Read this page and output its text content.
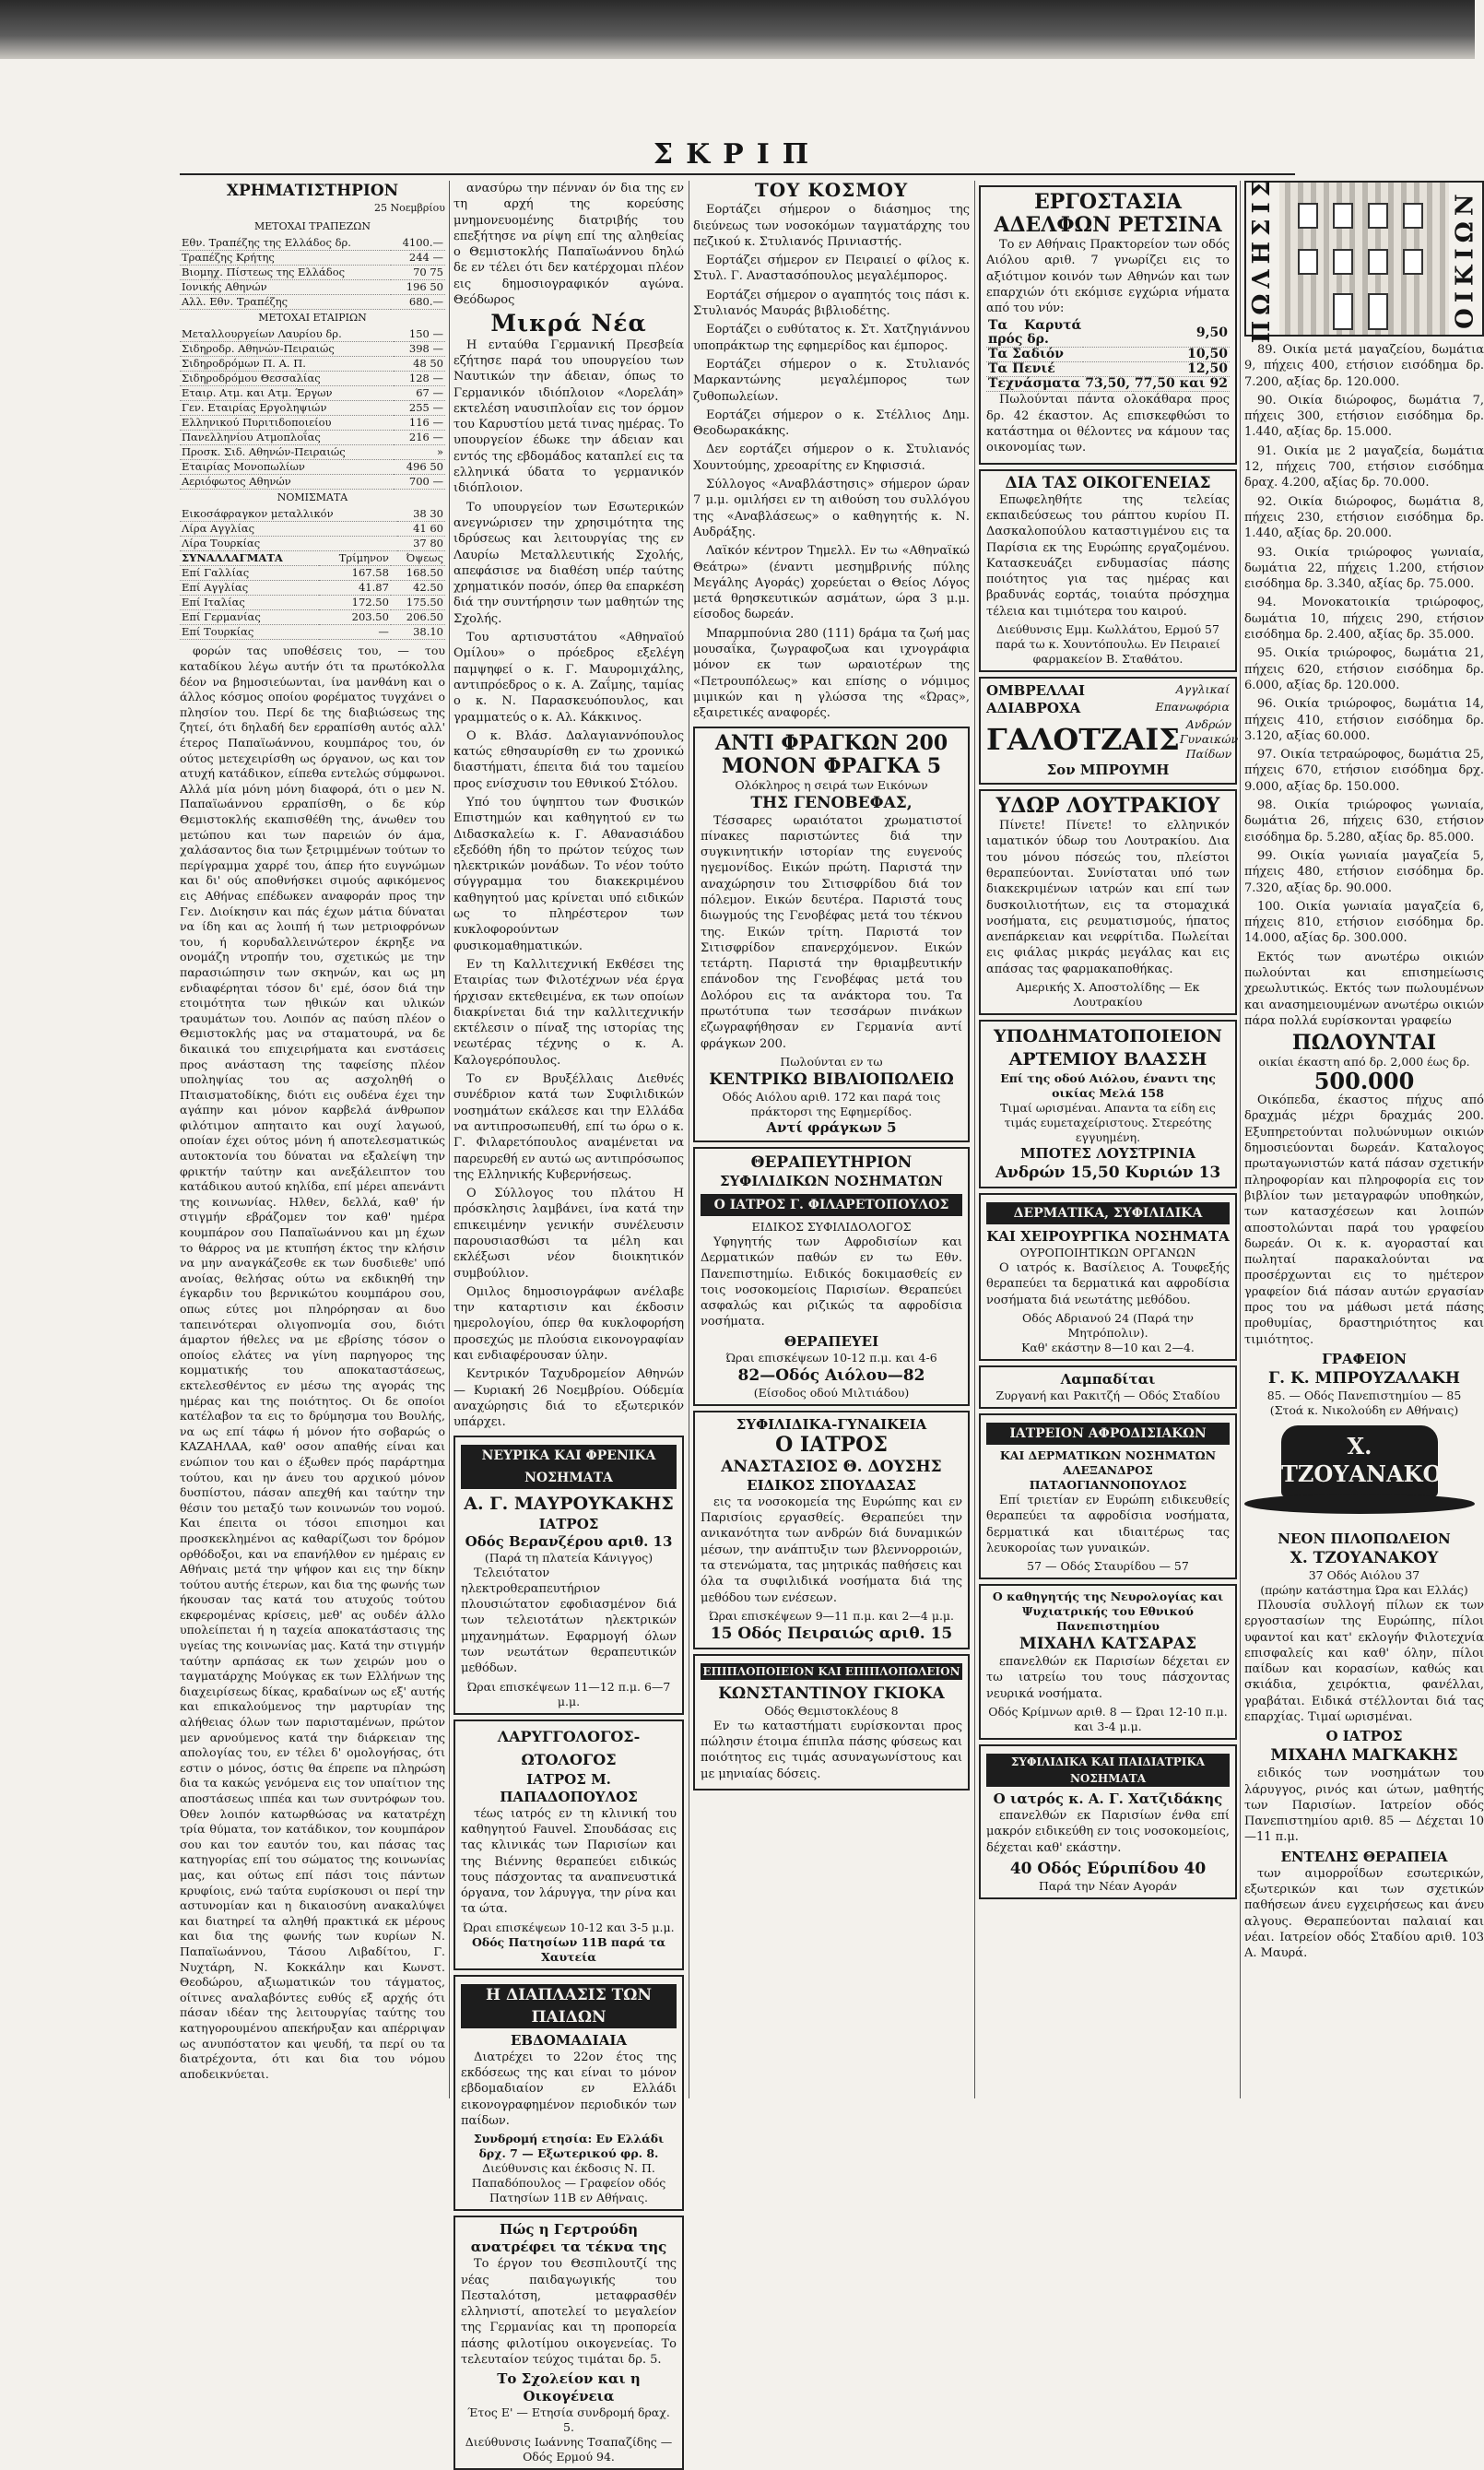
ΣΚΡΙΠ
ΧΡΗΜΑΤΙΣΤΗΡΙΟΝ
25 Νοεμβρίου
ΜΕΤΟΧΑΙ ΤΡΑΠΕΖΩΝ
Εθν. Τραπέζης της Ελλάδος δρ.	4100.—
Τραπέζης Κρήτης	244 —
Βιομηχ. Πίστεως της Ελλάδος	70 75
Ιονικής Αθηνών	196 50
Αλλ. Εθν. Τραπέζης	680.—
ΜΕΤΟΧΑΙ ΕΤΑΙΡΙΩΝ
Μεταλλουργείων Λαυρίου δρ.	150 —
Σιδηροδρ. Αθηνών-Πειραιώς	398 —
Σιδηροδρόμων Π. Α. Π.	48 50
Σιδηροδρόμου Θεσσαλίας	128 —
Εταιρ. Ατμ. και Ατμ. Έργων	67 —
Γεν. Εταιρίας Εργοληψιών	255 —
Ελληνικού Πυριτιδοποιείου	116 —
Πανελληνίου Ατμοπλοΐας	216 —
Προσκ. Σιδ. Αθηνών-Πειραιώς	»
Εταιρίας Μονοπωλίων	496 50
Αεριόφωτος Αθηνών	700 —
ΝΟΜΙΣΜΑΤΑ
Εικοσάφραγκον μεταλλικόν	38 30
Λίρα Αγγλίας	41 60
Λίρα Τουρκίας	37 80
ΣΥΝΑΛΛΑΓΜΑΤΑ	Τρίμηνον	Όψεως
Επί Γαλλίας	167.58	168.50
Επί Αγγλίας	41.87	42.50
Επί Ιταλίας	172.50	175.50
Επί Γερμανίας	203.50	206.50
Επί Τουρκίας	—	38.10
φορών τας υποθέσεις του, — του καταδίκου λέγω αυτήν ότι τα πρωτόκολλα δέον να βημοσιεύωνται, ίνα μανθάνη και ο άλλος κόσμος οποίου φορέματος τυγχάνει ο πλησίον του. Περί δε της διαβιώσεως της ζητεί, ότι δηλαδή δεν ερραπίσθη αυτός αλλ' έτερος Παπαϊωάννου, κουμπάρος του, όν ούτος μετεχειρίσθη ως όργανον, ως και τον ατυχή κατάδικον, είπεθα εντελώς σύμφωνοι. Αλλά μία μόνη μόνη διαφορά, ότι ο μεν Ν. Παπαϊωάννου ερραπίσθη, ο δε κύρ Θεμιστοκλής εκαπισθέθη της, άνωθεν του μετώπου και των παρειών όν άμα, χαλάσαντος δια των ξετριμμένων τούτων το περίγραμμα χαρρέ του, άπερ ήτο ευγνώμων και δι' ούς αποθνήσκει σιμούς αφικόμενος εις Αθήνας επέδωκεν αναφοράν προς την Γεν. Διοίκησιν και πάς έχων μάτια δύναται να ίδη και ας λοιπή ή των μετριοφρόνων του, ή κορυδαλλεινώτερον έκρηξε να ονομάζη ντροπήν του, σχετικώς με την παρασιώπησιν των σκηνών, και ως μη ενδιαφέρηται τόσον δι' εμέ, όσον διά την ετοιμότητα των ηθικών και υλικών τραυμάτων του. Λοιπόν ας παύση πλέον ο Θεμιστοκλής μας να σταματουρά, να δε δικαιικά του επιχειρήματα και ενστάσεις προς ανάσταση της ταφείσης πλέον υποληψίας του ας ασχοληθή ο Πταισματοδίκης, διότι εις ουδένα έχει την αγάπην και μόνον καρβελά άνθρωπον φιλότιμον απηταιτο και ουχί λαγωού, οποίαν έχει ούτος μόνη ή αποτελεσματικώς αυτοκτονία του δύναται να εξαλείψη την φρικτήν ταύτην και ανεξάλειπτον του κατάδικου αυτού κηλίδα, επί μέρει απενάντι της κοινωνίας. Ηλθεν, δελλά, καθ' ήν στιγμήν εβράζομεν τον καθ' ημέρα κουμπάρον σου Παπαϊωάννου και μη έχων το θάρρος να με κτυπήση έκτος την κλήσιν να μην αναγκάζεσθε εκ των δυσδιεθε' υπό ανοίας, θελήσας ούτω να εκδικηθή την έγκαρδιν του βερνικώτου κουμπάρου σου, οπως εύτες μοι πληρόρησαν αι δυο ταπεινότεραι ολιγοπνομία σου, διότι άμαρτον ήθελες να με εβρίσης τόσον ο οποίος ελάτες να γίνη παρηγορος της κομματικής του αποκαταστάσεως, εκτελεσθέντος εν μέσω της αγοράς της ημέρας και της ποιότητος. Οι δε οποίοι κατέλαβον τα εις το δρύμησμα του Βουλής, να ως επί τάφω ή μόνον ήτο σοβαρώς ο ΚΑΖΑΗΛΑΑ, καθ' οσον απαθής είναι και ενώπιον του και ο έξωθεν πρός παράρτημα τούτου, και ην άνευ του αρχικού μόνον δυσπίστου, πάσαν απεχθή και ταύτην την θέσιν του μεταξύ των κοινωνών του νομού. Και έπειτα οι τόσοι επισημοι και προσκεκλημένοι ας καθαρίζωσι τον δρόμον ορθόδοξοι, και να επανήλθον εν ημέραις εν Αθήναις μετά την ψήφον και εις την δίκην τούτου αυτής έτερων, και δια της φωνής των ήκουσαν τας κατά του ατυχούς τούτου εκφερομένας κρίσεις, μεθ' ας ουδέν άλλο υπολείπεται ή η ταχεία αποκατάστασις της υγείας της κοινωνίας μας. Κατά την στιγμήν ταύτην αρπάσας εκ των χειρών μου ο ταγματάρχης Μούγκας εκ των Ελλήνων της διαχειρίσεως δίκας, κραδαίνων ως εξ' αυτής και επικαλούμενος την μαρτυρίαν της αλήθειας όλων των παρισταμένων, πρώτον μεν αρνούμενος κατά την διάρκειαν της απολογίας του, εν τέλει δ' ομολογήσας, ότι εστιν ο μόνος, όστις θα έπρεπε να πληρώση δια τα κακώς γενόμενα εις τον υπαίτιον της αποστάσεως ιππέα και των συντρόφων του. Όθεν λοιπόν κατωρθώσας να κατατρέχη τρία θύματα, τον κατάδικον, τον κουμπάρον σου και τον εαυτόν του, και πάσας τας κατηγορίας επί του σώματος της κοινωνίας μας, και ούτως επί πάσι τοις πάντων κρυφίοις, ενώ ταύτα ευρίσκουσι οι περί την αστυνομίαν και η δικαιοσύνη ανακαλύψει και διατηρεί τα αληθή πρακτικά εκ μέρους και δια της φωνής των κυρίων Ν. Παπαϊωάννου, Τάσου Λιβαδίτου, Γ. Νυχτάρη, Ν. Κοκκάλην και Κωνστ. Θεοδώρου, αξιωματικών του τάγματος, οίτινες αναλαβόντες ευθύς εξ αρχής ότι πάσαν ιδέαν της λειτουργίας ταύτης του κατηγορουμένου απεκήρυξαν και απέρριψαν ως ανυπόστατον και ψευδή, τα περί ου τα διατρέχοντα, ότι και δια του νόμου αποδεικνύεται.
ανασύρω την πένναν όν δια της εν τη αρχή της κορεύσης μνημονευομένης διατριβής του επεξήτησε να ρίψη επί της αληθείας ο Θεμιστοκλής Παπαϊωάννου δηλώ δε εν τέλει ότι δεν κατέρχομαι πλέον εις δημοσιογραφικόν αγώνα. Θεόδωρος
Μικρά Νέα
Η ενταύθα Γερμανική Πρεσβεία εζήτησε παρά του υπουργείου των Ναυτικών την άδειαν, όπως το Γερμανικόν ιδιόπλοιον «Λορελάη» εκτελέση ναυσιπλοΐαν εις τον όρμον του Καρυστίου μετά τινας ημέρας. Το υπουργείον έδωκε την άδειαν και εντός της εβδομάδος καταπλεί εις τα ελληνικά ύδατα το γερμανικόν ιδιόπλοιον.
Το υπουργείον των Εσωτερικών ανεγνώρισεν την χρησιμότητα της ιδρύσεως και λειτουργίας της εν Λαυρίω Μεταλλευτικής Σχολής, απεφάσισε να διαθέση υπέρ ταύτης χρηματικόν ποσόν, όπερ θα επαρκέση διά την συντήρησιν των μαθητών της Σχολής.
Του αρτισυστάτου «Αθηναϊού Ομίλου» ο πρόεδρος εξελέγη παμψηφεί ο κ. Γ. Μαυρομιχάλης, αντιπρόεδρος ο κ. Α. Ζαΐμης, ταμίας ο κ. Ν. Παρασκευόπουλος, και γραμματεύς ο κ. Αλ. Κάκκινος.
Ο κ. Βλάσ. Δαλαγιαννόπουλος κατώς εθησαυρίσθη εν τω χρονικώ διαστήματι, έπειτα διά του ταμείου προς ενίσχυσιν του Εθνικού Στόλου.
Υπό του ύψηπτου των Φυσικών Επιστημών και καθηγητού εν τω Διδασκαλείω κ. Γ. Αθανασιάδου εξεδόθη ήδη το πρώτον τεύχος των ηλεκτρικών μονάδων. Το νέον τούτο σύγγραμμα του διακεκριμένου καθηγητού μας κρίνεται υπό ειδικών ως το πληρέστερον των κυκλοφορούντων φυσικομαθηματικών.
Εν τη Καλλιτεχνική Εκθέσει της Εταιρίας των Φιλοτέχνων νέα έργα ήρχισαν εκτεθειμένα, εκ των οποίων διακρίνεται διά την καλλιτεχνικήν εκτέλεσιν ο πίναξ της ιστορίας της νεωτέρας τέχνης ο κ. Α. Καλογερόπουλος.
Το εν Βρυξέλλαις Διεθνές συνέδριον κατά των Συφιλιδικών νοσημάτων εκάλεσε και την Ελλάδα να αντιπροσωπευθή, επί τω όρω ο κ. Γ. Φιλαρετόπουλος αναμένεται να παρευρεθή εν αυτώ ως αντιπρόσωπος της Ελληνικής Κυβερνήσεως.
Ο Σύλλογος του πλάτου Η πρόσκλησις λαμβάνει, ίνα κατά την επικειμένην γενικήν συνέλευσιν παρουσιασθώσι τα μέλη και εκλέξωσι νέον διοικητικόν συμβούλιον.
Ομιλος δημοσιογράφων ανέλαβε την καταρτισιν και έκδοσιν ημερολογίου, όπερ θα κυκλοφορήση προσεχώς με πλούσια εικονογραφίαν και ενδιαφέρουσαν ύλην.
Κεντρικόν Ταχυδρομείον Αθηνών — Κυριακή 26 Νοεμβρίου. Ούδεμία αναχώρησις διά το εξωτερικόν υπάρχει.
ΝΕΥΡΙΚΑ ΚΑΙ ΦΡΕΝΙΚΑ ΝΟΣΗΜΑΤΑ
Α. Γ. ΜΑΥΡΟΥΚΑΚΗΣ
ΙΑΤΡΟΣ
Οδός Βερανζέρου αριθ. 13
(Παρά τη πλατεία Κάνιγγος)
Τελειότατον ηλεκτροθεραπευτήριον πλουσιώτατον εφοδιασμένον διά των τελειοτάτων ηλεκτρικών μηχανημάτων. Εφαρμογή όλων των νεωτάτων θεραπευτικών μεθόδων.
Ώραι επισκέψεων 11—12 π.μ. 6—7 μ.μ.
ΛΑΡΥΓΓΟΛΟΓΟΣ-ΩΤΟΛΟΓΟΣ
ΙΑΤΡΟΣ Μ. ΠΑΠΑΔΟΠΟΥΛΟΣ
τέως ιατρός εν τη κλινική του καθηγητού Fauvel. Σπουδάσας εις τας κλινικάς των Παρισίων και της Βιέννης θεραπεύει ειδικώς τους πάσχοντας τα αναπνευστικά όργανα, τον λάρυγγα, την ρίνα και τα ώτα.
Ώραι επισκέψεων 10-12 και 3-5 μ.μ.
Οδός Πατησίων 11Β παρά τα Χαυτεία
Η ΔΙΑΠΛΑΣΙΣ ΤΩΝ ΠΑΙΔΩΝ
ΕΒΔΟΜΑΔΙΑΙΑ
Διατρέχει το 22ον έτος της εκδόσεως της και είναι το μόνον εβδομαδιαίον εν Ελλάδι εικονογραφημένον περιοδικόν των παίδων.
Συνδρομή ετησία: Εν Ελλάδι δρχ. 7 — Εξωτερικού φρ. 8.
Διεύθυνσις και έκδοσις Ν. Π. Παπαδόπουλος — Γραφείον οδός Πατησίων 11Β εν Αθήναις.
Πώς η Γερτρούδη ανατρέφει τα τέκνα της
Το έργον του Θεσπιλουτζί της νέας παιδαγωγικής του Πεσταλότση, μεταφρασθέν ελληνιστί, αποτελεί το μεγαλείον της Γερμανίας και τη προπορεία πάσης φιλοτίμου οικογενείας. Το τελευταίον τεύχος τιμάται δρ. 5.
Το Σχολείον και η Οικογένεια
Έτος Ε' — Ετησία συνδρομή δραχ. 5.
Διεύθυνσις Ιωάννης Τσαπαζίδης — Οδός Ερμού 94.
ΤΟΥ ΚΟΣΜΟΥ
Εορτάζει σήμερον ο διάσημος της διεύνεως των νοσοκόμων ταγματάρχης του πεζικού κ. Στυλιανός Πρινιαστής.
Εορτάζει σήμερον εν Πειραιεί ο φίλος κ. Στυλ. Γ. Αναστασόπουλος μεγαλέμπορος.
Εορτάζει σήμερον ο αγαπητός τοις πάσι κ. Στυλιανός Μαυράς βιβλιοδέτης.
Εορτάζει ο ευθύτατος κ. Στ. Χατζηγιάννου υποπράκτωρ της εφημερίδος και έμπορος.
Εορτάζει σήμερον ο κ. Στυλιανός Μαρκαντώνης μεγαλέμπορος των ζυθοπωλείων.
Εορτάζει σήμερον ο κ. Στέλλιος Δημ. Θεοδωρακάκης.
Δεν εορτάζει σήμερον ο κ. Στυλιανός Χουντούμης, χρεοαρίτης εν Κηφισσιά.
Σύλλογος «Αναβλάστησις» σήμερον ώραν 7 μ.μ. ομιλήσει εν τη αιθούση του συλλόγου της «Αναβλάσεως» ο καθηγητής κ. Ν. Αυδράξης.
Λαϊκόν κέντρον Τημελλ. Εν τω «Αθηναϊκώ Θεάτρω» (έναντι μεσημβρινής πύλης Μεγάλης Αγοράς) χορεύεται ο Θείος Λόγος μετά θρησκευτικών ασμάτων, ώρα 3 μ.μ. είσοδος δωρεάν.
Μπαρμπούνια 280 (111) δράμα τα ζωή μας μουσαΐκα, ζωγραφοζωα και ιχνογράφια μόνον εκ των ωραιοτέρων της «Πετρουπόλεως» και επίσης ο νόμιμος μιμικών και η γλώσσα της «Ώρας», εξαιρετικές αναφορές.
ΑΝΤΙ ΦΡΑΓΚΩΝ 200
ΜΟΝΟΝ ΦΡΑΓΚΑ 5
Ολόκληρος η σειρά των Εικόνων
ΤΗΣ ΓΕΝΟΒΕΦΑΣ,
Τέσσαρες ωραιότατοι χρωματιστοί πίνακες παριστώντες διά την συγκινητικήν ιστορίαν της ευγενούς ηγεμονίδος. Εικών πρώτη. Παριστά την αναχώρησιν του Σιτισφρίδου διά τον πόλεμον. Εικών δευτέρα. Παριστά τους διωγμούς της Γενοβέφας μετά του τέκνου της. Εικών τρίτη. Παριστά τον Σιτισφρίδον επανερχόμενον. Εικών τετάρτη. Παριστά την θριαμβευτικήν επάνοδον της Γενοβέφας μετά του Δολόρου εις τα ανάκτορα του. Τα πρωτότυπα των τεσσάρων πινάκων εζωγραφήθησαν εν Γερμανία αντί φράγκων 200.
Πωλούνται εν τω
ΚΕΝΤΡΙΚΩ ΒΙΒΛΙΟΠΩΛΕΙΩ
Οδός Αιόλου αριθ. 172 και παρά τοις πράκτορσι της Εφημερίδος.
Αντί φράγκων 5
ΘΕΡΑΠΕΥΤΗΡΙΟΝ
ΣΥΦΙΛΙΔΙΚΩΝ ΝΟΣΗΜΑΤΩΝ
Ο ΙΑΤΡΟΣ Γ. ΦΙΛΑΡΕΤΟΠΟΥΛΟΣ
ΕΙΔΙΚΟΣ ΣΥΦΙΛΙΔΟΛΟΓΟΣ
Υφηγητής των Αφροδισίων και Δερματικών παθών εν τω Εθν. Πανεπιστημίω. Ειδικός δοκιμασθείς εν τοις νοσοκομείοις Παρισίων. Θεραπεύει ασφαλώς και ριζικώς τα αφροδίσια νοσήματα.
ΘΕΡΑΠΕΥΕΙ
Ώραι επισκέψεων 10-12 π.μ. και 4-6
82—Οδός Αιόλου—82
(Είσοδος οδού Μιλτιάδου)
ΣΥΦΙΛΙΔΙΚΑ-ΓΥΝΑΙΚΕΙΑ
Ο ΙΑΤΡΟΣ
ΑΝΑΣΤΑΣΙΟΣ Θ. ΔΟΥΣΗΣ
ΕΙΔΙΚΟΣ ΣΠΟΥΔΑΣΑΣ
εις τα νοσοκομεία της Ευρώπης και εν Παρισίοις εργασθείς. Θεραπεύει την ανικανότητα των ανδρών διά δυναμικών μέσων, την ανάπτυξιν των βλεννορροιών, τα στενώματα, τας μητρικάς παθήσεις και όλα τα συφιλιδικά νοσήματα διά της μεθόδου των ενέσεων.
Ώραι επισκέψεων 9—11 π.μ. και 2—4 μ.μ.
15 Οδός Πειραιώς αριθ. 15
ΕΠΙΠΛΟΠΟΙΕΙΟΝ ΚΑΙ ΕΠΙΠΛΟΠΩΛΕΙΟΝ
ΚΩΝΣΤΑΝΤΙΝΟΥ ΓΚΙΟΚΑ
Οδός Θεμιστοκλέους 8
Εν τω καταστήματι ευρίσκονται προς πώλησιν έτοιμα έπιπλα πάσης φύσεως και ποιότητος εις τιμάς ασυναγωνίστους και με μηνιαίας δόσεις.
ΕΡΓΟΣΤΑΣΙΑ
ΑΔΕΛΦΩΝ ΡΕΤΣΙΝΑ
Το εν Αθήναις Πρακτορείον των οδός Αιόλου αριθ. 7 γνωρίζει εις το αξιότιμον κοινόν των Αθηνών και των επαρχιών ότι εκόμισε εγχώρια νήματα από του νύν:
Τα Καρυτά πρός δρ.	9,50
Τα Σαδιόν	10,50
Τα Πενιέ	12,50
Τεχνάσματα	73,50, 77,50 και 92
Πωλούνται πάντα ολοκάθαρα προς δρ. 42 έκαστον. Ας επισκεφθώσι το κατάστημα οι θέλοντες να κάμουν τας οικονομίας των.
ΔΙΑ ΤΑΣ ΟΙΚΟΓΕΝΕΙΑΣ
Επωφεληθήτε της τελείας εκπαιδεύσεως του ράπτου κυρίου Π. Δασκαλοπούλου καταστιγμένου εις τα Παρίσια εκ της Ευρώπης εργαζομένου. Κατασκευάζει ενδυμασίας πάσης ποιότητος για τας ημέρας και βραδυνάς εορτάς, τοιαύτα πρόσχημα τέλεια και τιμιότερα του καιρού.
Διεύθυνσις Εμμ. Κωλλάτου, Ερμού 57 παρά τω κ. Χουντόπουλω. Εν Πειραιεί φαρμακείον Β. Σταθάτου.
ΟΜΒΡΕΛΛΑΙ	Αγγλικαί
ΑΔΙΑΒΡΟΧΑ	Επανωφόρια
ΓΑΛΟΤΖΑΙΣ Ανδρών Γυναικών Παίδων
Σον ΜΠΡΟΥΜΗ
ΥΔΩΡ ΛΟΥΤΡΑΚΙΟΥ
Πίνετε! Πίνετε! το ελληνικόν ιαματικόν ύδωρ του Λουτρακίου. Δια του μόνου πόσεώς του, πλείστοι θεραπεύονται. Συνίσταται υπό των διακεκριμένων ιατρών και επί των δυσκοιλιοτήτων, εις τα στομαχικά νοσήματα, εις ρευματισμούς, ήπατος ανεπάρκειαν και νεφρίτιδα. Πωλείται εις φιάλας μικράς μεγάλας και εις απάσας τας φαρμακαποθήκας.
Αμερικής Χ. Αποστολίδης — Εκ Λουτρακίου
ΥΠΟΔΗΜΑΤΟΠΟΙΕΙΟΝ
ΑΡΤΕΜΙΟΥ ΒΛΑΣΣΗ
Επί της οδού Αιόλου, έναντι της οικίας Μελά 158
Τιμαί ωρισμέναι. Απαντα τα είδη εις τιμάς ευμεταχείριστους. Στερεότης εγγυημένη.
ΜΠΟΤΕΣ ΛΟΥΣΤΡΙΝΙΑ
Ανδρών 15,50 Κυριών 13
ΔΕΡΜΑΤΙΚΑ, ΣΥΦΙΛΙΔΙΚΑ
ΚΑΙ ΧΕΙΡΟΥΡΓΙΚΑ ΝΟΣΗΜΑΤΑ
ΟΥΡΟΠΟΙΗΤΙΚΩΝ ΟΡΓΑΝΩΝ
Ο ιατρός κ. Βασίλειος Α. Τουφεξής θεραπεύει τα δερματικά και αφροδίσια νοσήματα διά νεωτάτης μεθόδου.
Οδός Αδριανού 24 (Παρά την Μητρόπολιν).
Καθ' εκάστην 8—10 και 2—4.
Λαμπαδίται
Ζυργανή και Ρακιτζή — Οδός Σταδίου
ΙΑΤΡΕΙΟΝ ΑΦΡΟΔΙΣΙΑΚΩΝ
ΚΑΙ ΔΕΡΜΑΤΙΚΩΝ ΝΟΣΗΜΑΤΩΝ
ΑΛΕΞΑΝΔΡΟΣ ΠΑΤΑΟΓΙΑΝΝΟΠΟΥΛΟΣ
Επί τριετίαν εν Ευρώπη ειδικευθείς θεραπεύει τα αφροδίσια νοσήματα, δερματικά και ιδιαιτέρως τας λευκοροίας των γυναικών.
57 — Οδός Σταυρίδου — 57
Ο καθηγητής της Νευρολογίας και Ψυχιατρικής του Εθνικού Πανεπιστημίου
ΜΙΧΑΗΛ ΚΑΤΣΑΡΑΣ
επανελθών εκ Παρισίων δέχεται εν τω ιατρείω του τους πάσχοντας νευρικά νοσήματα.
Οδός Κρίμνων αριθ. 8 — Ώραι 12-10 π.μ. και 3-4 μ.μ.
ΣΥΦΙΛΙΔΙΚΑ ΚΑΙ ΠΑΙΔΙΑΤΡΙΚΑ ΝΟΣΗΜΑΤΑ
Ο ιατρός κ. Α. Γ. Χατζιδάκης
επανελθών εκ Παρισίων ένθα επί μακρόν ειδικεύθη εν τοις νοσοκομείοις, δέχεται καθ' εκάστην.
40 Οδός Εύριπίδου 40
Παρά την Νέαν Αγοράν
ΠΩΛΗΣΙΣ	ΟΙΚΙΩΝ
89. Οικία μετά μαγαζείου, δωμάτια 9, πήχεις 400, ετήσιον εισόδημα δρ. 7.200, αξίας δρ. 120.000.
90. Οικία διώροφος, δωμάτια 7, πήχεις 300, ετήσιον εισόδημα δρ. 1.440, αξίας δρ. 15.000.
91. Οικία με 2 μαγαζεία, δωμάτια 12, πήχεις 700, ετήσιον εισόδημα δραχ. 4.200, αξίας δρ. 70.000.
92. Οικία διώροφος, δωμάτια 8, πήχεις 230, ετήσιον εισόδημα δρ. 1.440, αξίας δρ. 20.000.
93. Οικία τριώροφος γωνιαία, δωμάτια 22, πήχεις 1.200, ετήσιον εισόδημα δρ. 3.340, αξίας δρ. 75.000.
94. Μονοκατοικία τριώροφος, δωμάτια 10, πήχεις 290, ετήσιον εισόδημα δρ. 2.400, αξίας δρ. 35.000.
95. Οικία τριώροφος, δωμάτια 21, πήχεις 620, ετήσιον εισόδημα δρ. 6.000, αξίας δρ. 120.000.
96. Οικία τριώροφος, δωμάτια 14, πήχεις 410, ετήσιον εισόδημα δρ. 3.120, αξίας 60.000.
97. Οικία τετραώροφος, δωμάτια 25, πήχεις 670, ετήσιον εισόδημα δρχ. 9.000, αξίας δρ. 150.000.
98. Οικία τριώροφος γωνιαία, δωμάτια 26, πήχεις 630, ετήσιον εισόδημα δρ. 5.280, αξίας δρ. 85.000.
99. Οικία γωνιαία μαγαζεία 5, πήχεις 480, ετήσιον εισόδημα δρ. 7.320, αξίας δρ. 90.000.
100. Οικία γωνιαία μαγαζεία 6, πήχεις 810, ετήσιον εισόδημα δρ. 14.000, αξίας δρ. 300.000.
Εκτός των ανωτέρω οικιών πωλούνται και επισημείωσις χρεωλυτικώς. Εκτός των πωλουμένων και ανασημειουμένων ανωτέρω οικιών πάρα πολλά ευρίσκονται γραφείω
ΠΩΛΟΥΝΤΑΙ
οικίαι έκαστη από δρ. 2,000 έως δρ.
500.000
Οικόπεδα, έκαστος πήχυς από δραχμάς μέχρι δραχμάς 200. Εξυπηρετούνται πολυώνυμων οικιών δημοσιεύονται δωρεάν. Καταλογος πρωταγωνιστών κατά πάσαν σχετικήν πληροφορίαν και πληροφορία εις τον βιβλίον των μεταγραφών υποθηκών, των κατασχέσεων και λοιπών αποστολώνται παρά του γραφείου δωρεάν. Οι κ. κ. αγορασταί και πωληταί παρακαλούνται να προσέρχωνται εις το ημέτερον γραφείον διά πάσαν αυτών εργασίαν προς του να μάθωσι μετά πάσης προθυμίας, δραστηριότητος και τιμιότητος.
ΓΡΑΦΕΙΟΝ
Γ. Κ. ΜΠΡΟΥΖΑΛΑΚΗ
85. — Οδός Πανεπιστημίου — 85
(Στοά κ. Νικολούδη εν Αθήναις)
Χ. ΤΖΟΥΑΝΑΚΟΣ
ΝΕΟΝ ΠΙΛΟΠΩΛΕΙΟΝ
Χ. ΤΖΟΥΑΝΑΚΟΥ
37 Οδός Αιόλου 37
(πρώην κατάστημα Ώρα και Ελλάς)
Πλουσία συλλογή πίλων εκ των εργοστασίων της Ευρώπης, πίλοι υφαντοί και κατ' εκλογήν Φιλοτεχνία επισφαλείς και καθ' όλην, πίλοι παίδων και κορασίων, καθώς και σκιάδια, χειρόκτια, φανέλλαι, γραβάται. Ειδικά στέλλονται διά τας επαρχίας. Τιμαί ωρισμέναι.
Ο ΙΑΤΡΟΣ
ΜΙΧΑΗΛ ΜΑΓΚΑΚΗΣ
ειδικός των νοσημάτων του λάρυγγος, ρινός και ώτων, μαθητής των Παρισίων. Ιατρείον οδός Πανεπιστημίου αριθ. 85 — Δέχεται 10—11 π.μ.
ΕΝΤΕΛΗΣ ΘΕΡΑΠΕΙΑ
των αιμορροΐδων εσωτερικών, εξωτερικών και των σχετικών παθήσεων άνευ εγχειρήσεως και άνευ αλγους. Θεραπεύονται παλαιαί και νέαι. Ιατρείον οδός Σταδίου αριθ. 103 Α. Μαυρά.
